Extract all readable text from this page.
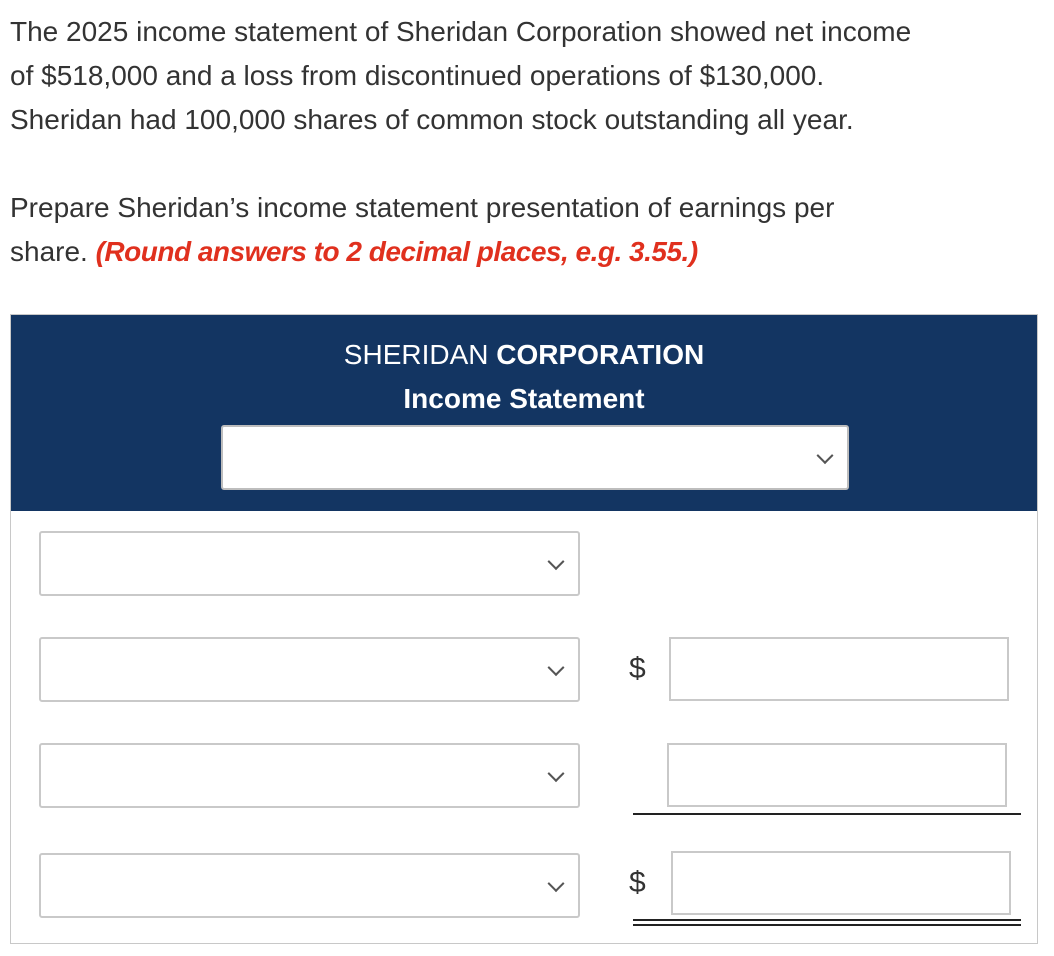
The 2025 income statement of Sheridan Corporation showed net income

of $518,000 and a loss from discontinued operations of $130,000.

Sheridan had 100,000 shares of common stock outstanding all year.

Prepare Sheridan’s income statement presentation of earnings per

share. (Round answers to 2 decimal places, e.g. 3.55.)

SHERIDAN CORPORATION
Income Statement
$
$
